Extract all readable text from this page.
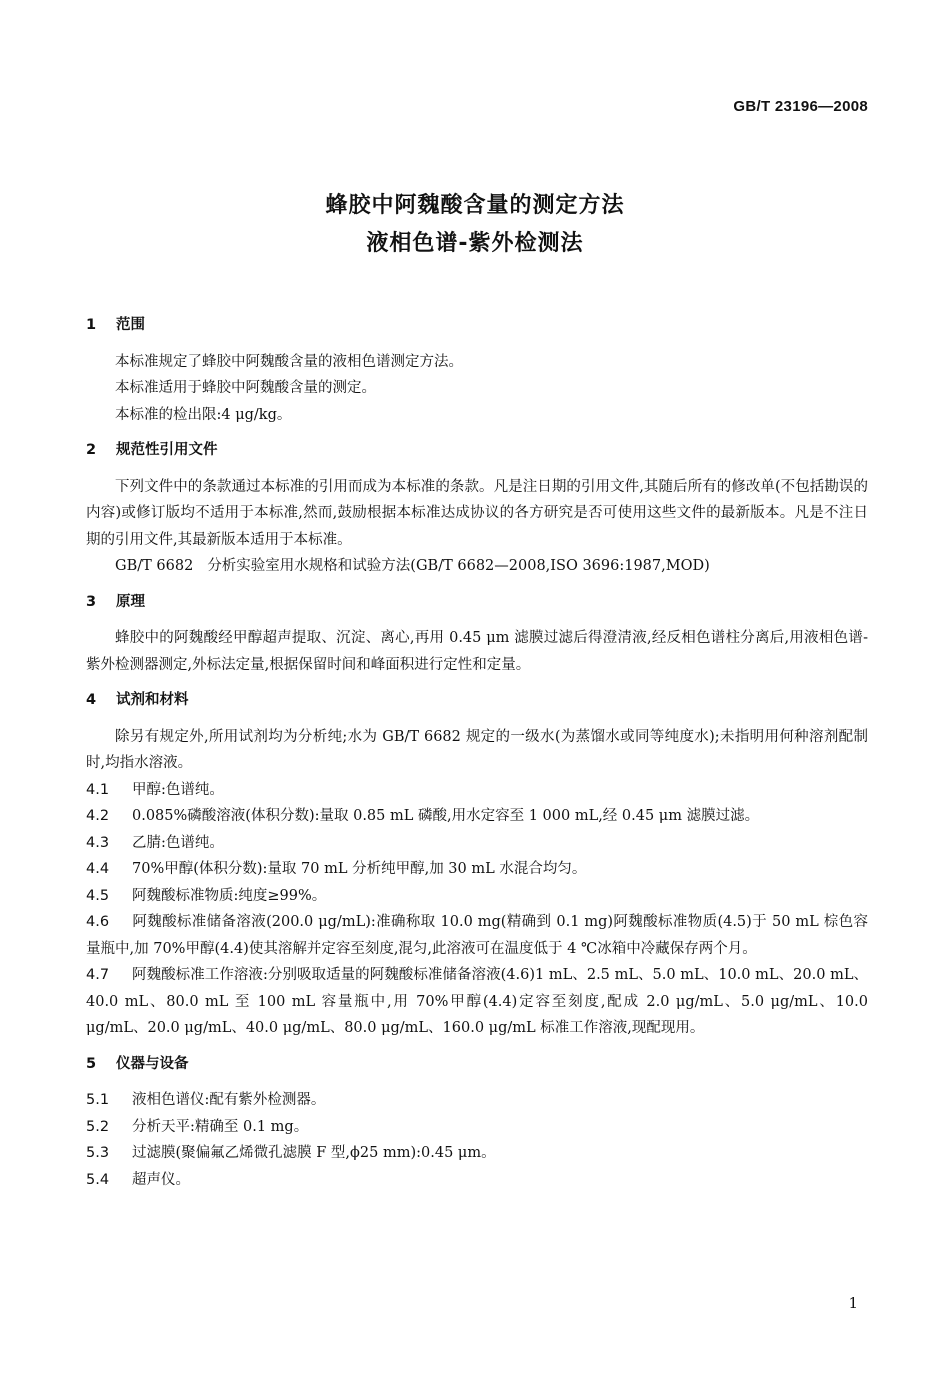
GB/T 23196—2008
蜂胶中阿魏酸含量的测定方法
液相色谱-紫外检测法
1 范围
本标准规定了蜂胶中阿魏酸含量的液相色谱测定方法。
本标准适用于蜂胶中阿魏酸含量的测定。
本标准的检出限:4 μg/kg。
2 规范性引用文件
下列文件中的条款通过本标准的引用而成为本标准的条款。凡是注日期的引用文件,其随后所有的修改单(不包括勘误的内容)或修订版均不适用于本标准,然而,鼓励根据本标准达成协议的各方研究是否可使用这些文件的最新版本。凡是不注日期的引用文件,其最新版本适用于本标准。
GB/T 6682 分析实验室用水规格和试验方法(GB/T 6682—2008,ISO 3696:1987,MOD)
3 原理
蜂胶中的阿魏酸经甲醇超声提取、沉淀、离心,再用 0.45 μm 滤膜过滤后得澄清液,经反相色谱柱分离后,用液相色谱-紫外检测器测定,外标法定量,根据保留时间和峰面积进行定性和定量。
4 试剂和材料
除另有规定外,所用试剂均为分析纯;水为 GB/T 6682 规定的一级水(为蒸馏水或同等纯度水);未指明用何种溶剂配制时,均指水溶液。
4.1 甲醇:色谱纯。
4.2 0.085%磷酸溶液(体积分数):量取 0.85 mL 磷酸,用水定容至 1 000 mL,经 0.45 μm 滤膜过滤。
4.3 乙腈:色谱纯。
4.4 70%甲醇(体积分数):量取 70 mL 分析纯甲醇,加 30 mL 水混合均匀。
4.5 阿魏酸标准物质:纯度≥99%。
4.6 阿魏酸标准储备溶液(200.0 μg/mL):准确称取 10.0 mg(精确到 0.1 mg)阿魏酸标准物质(4.5)于 50 mL 棕色容量瓶中,加 70%甲醇(4.4)使其溶解并定容至刻度,混匀,此溶液可在温度低于 4 ℃冰箱中冷藏保存两个月。
4.7 阿魏酸标准工作溶液:分别吸取适量的阿魏酸标准储备溶液(4.6)1 mL、2.5 mL、5.0 mL、10.0 mL、20.0 mL、40.0 mL、80.0 mL 至 100 mL 容量瓶中,用 70%甲醇(4.4)定容至刻度,配成 2.0 μg/mL、5.0 μg/mL、10.0 μg/mL、20.0 μg/mL、40.0 μg/mL、80.0 μg/mL、160.0 μg/mL 标准工作溶液,现配现用。
5 仪器与设备
5.1 液相色谱仪:配有紫外检测器。
5.2 分析天平:精确至 0.1 mg。
5.3 过滤膜(聚偏氟乙烯微孔滤膜 F 型,ϕ25 mm):0.45 μm。
5.4 超声仪。
1
